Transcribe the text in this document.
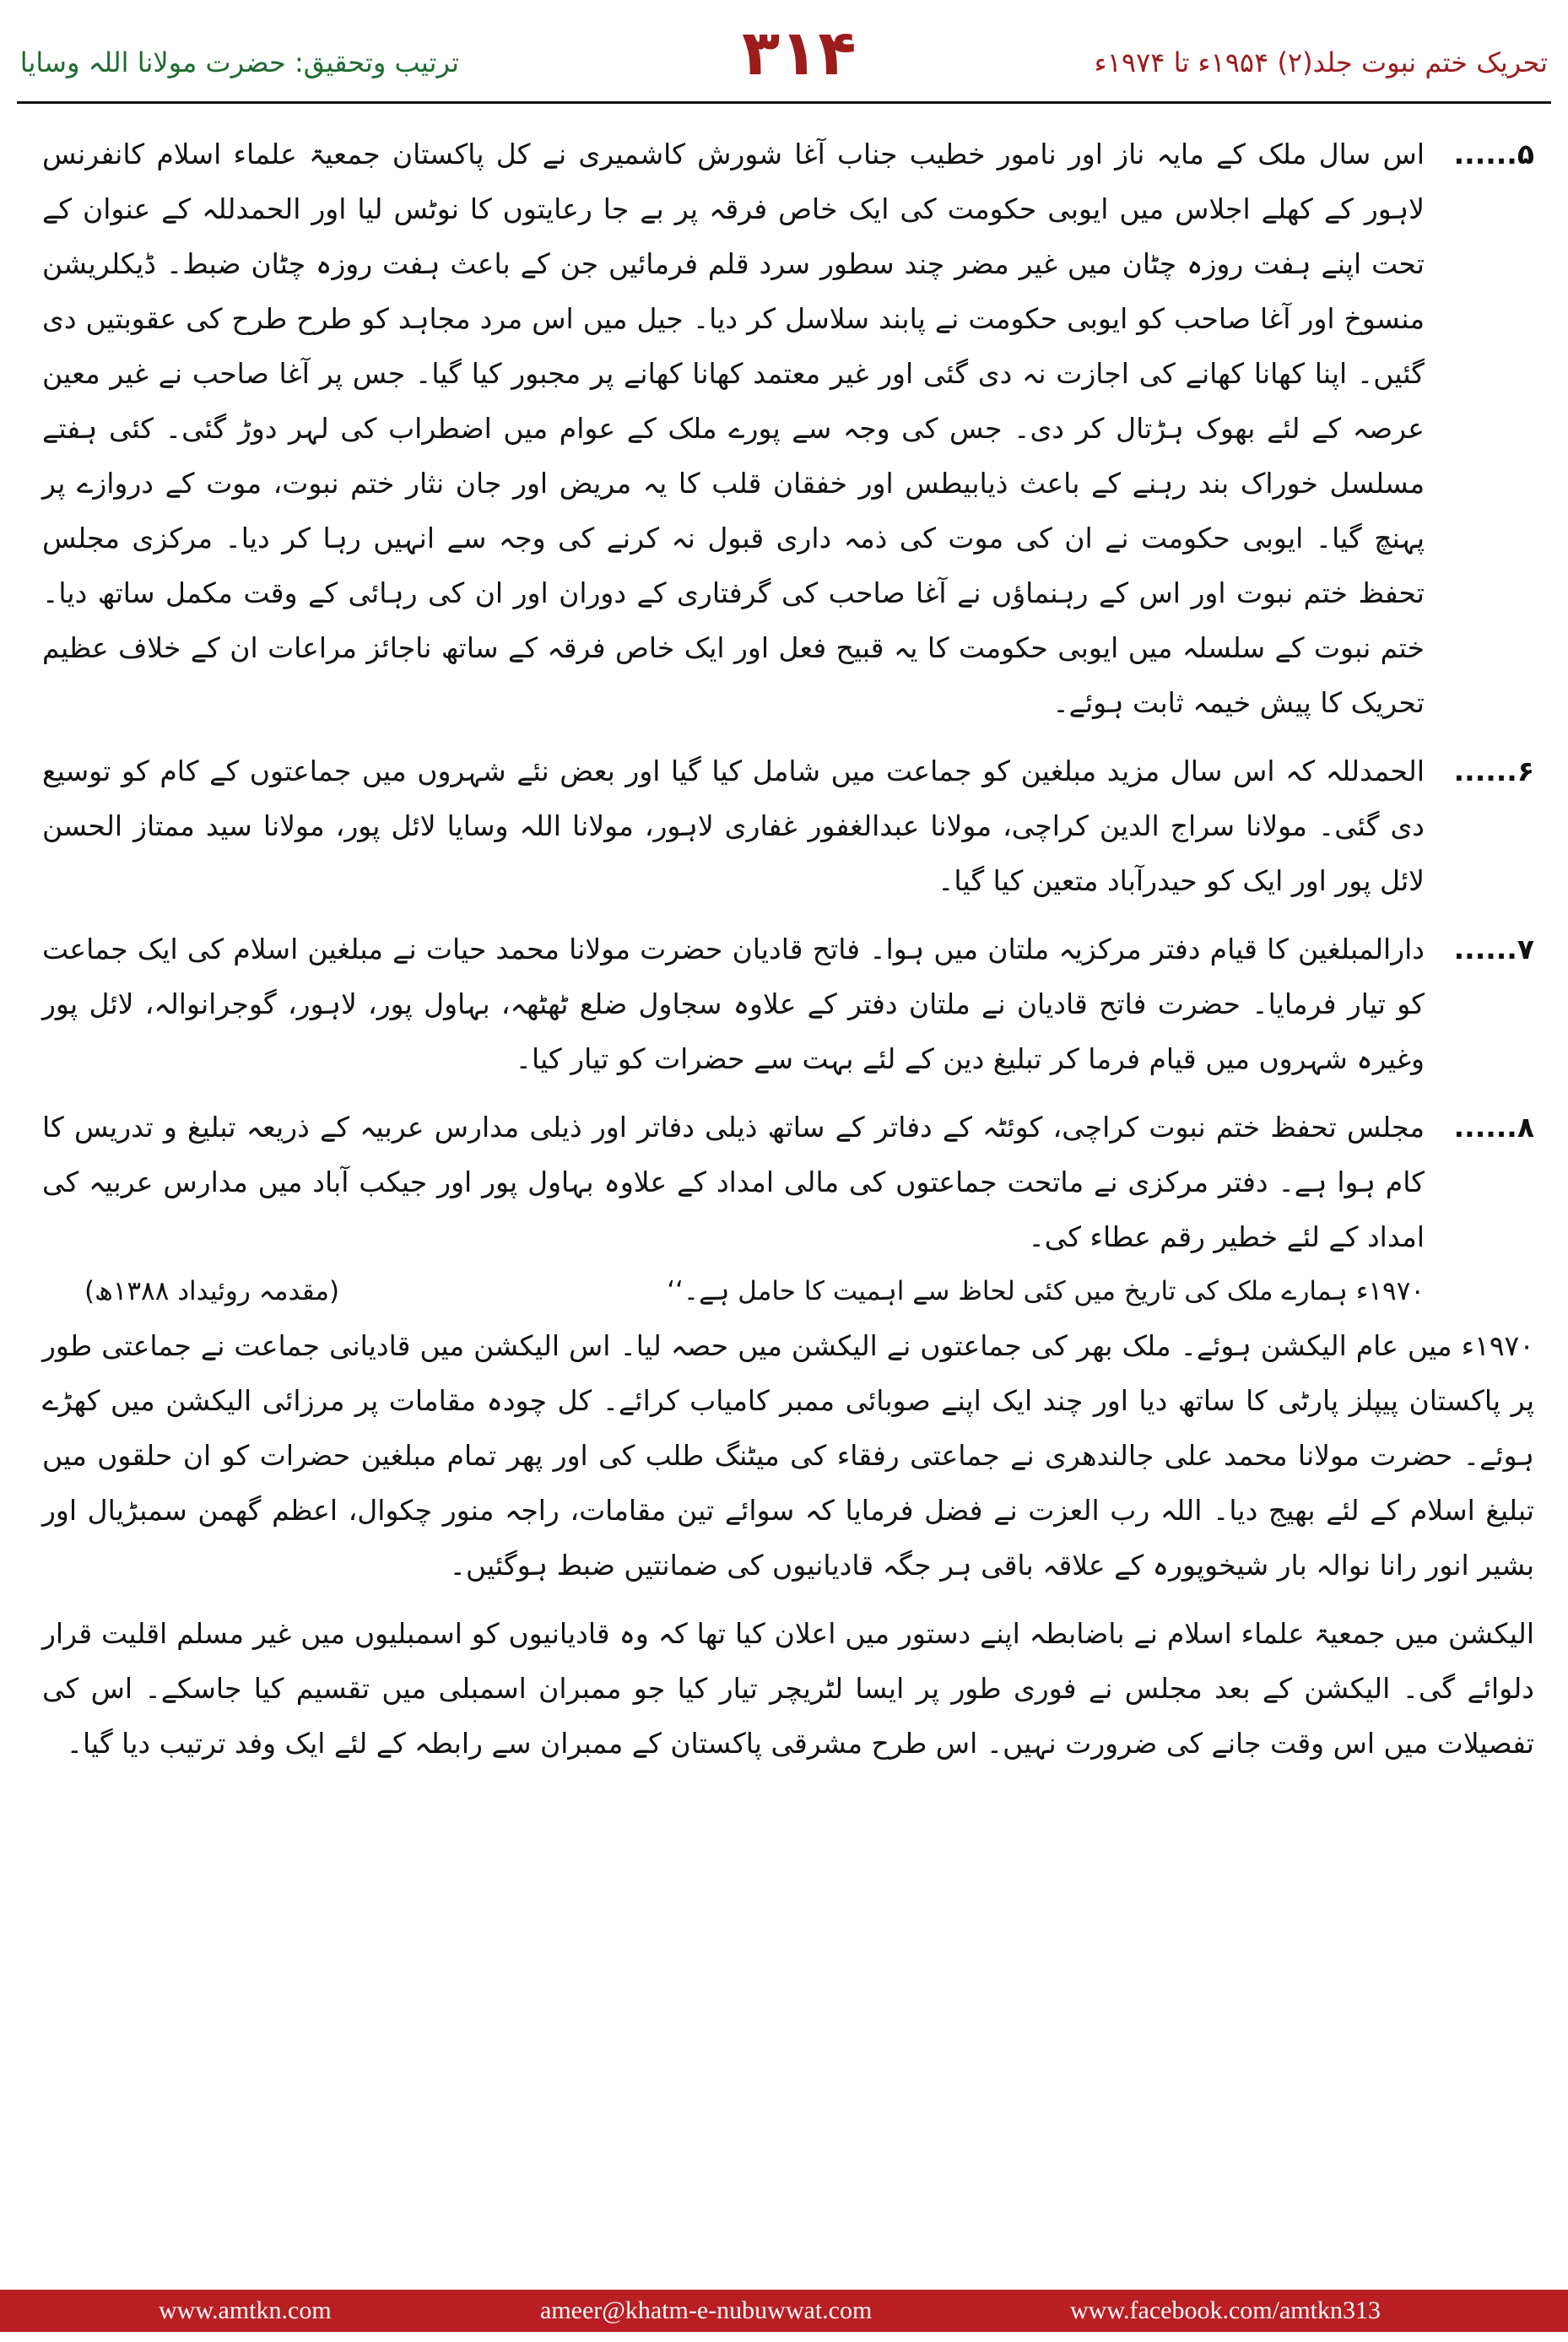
ترتیب وتحقیق: حضرت مولانا اللہ وسایا	۳۱۴	تحریک ختم نبوت جلد(۲) ۱۹۵۴ء تا ۱۹۷۴ء
۵......
اس سال ملک کے مایہ ناز اور نامور خطیب جناب آغا شورش کاشمیری نے کل پاکستان جمعیۃ علماء اسلام کانفرنس لاہور کے کھلے اجلاس میں ایوبی حکومت کی ایک خاص فرقہ پر بے جا رعایتوں کا نوٹس لیا اور الحمدللہ کے عنوان کے تحت اپنے ہفت روزہ چٹان میں غیر مضر چند سطور سرد قلم فرمائیں جن کے باعث ہفت روزہ چٹان ضبط۔ ڈیکلریشن منسوخ اور آغا صاحب کو ایوبی حکومت نے پابند سلاسل کر دیا۔ جیل میں اس مرد مجاہد کو طرح طرح کی عقوبتیں دی گئیں۔ اپنا کھانا کھانے کی اجازت نہ دی گئی اور غیر معتمد کھانا کھانے پر مجبور کیا گیا۔ جس پر آغا صاحب نے غیر معین عرصہ کے لئے بھوک ہڑتال کر دی۔ جس کی وجہ سے پورے ملک کے عوام میں اضطراب کی لہر دوڑ گئی۔ کئی ہفتے مسلسل خوراک بند رہنے کے باعث ذیابیطس اور خفقان قلب کا یہ مریض اور جان نثار ختم نبوت، موت کے دروازے پر پہنچ گیا۔ ایوبی حکومت نے ان کی موت کی ذمہ داری قبول نہ کرنے کی وجہ سے انہیں رہا کر دیا۔ مرکزی مجلس تحفظ ختم نبوت اور اس کے رہنماؤں نے آغا صاحب کی گرفتاری کے دوران اور ان کی رہائی کے وقت مکمل ساتھ دیا۔ ختم نبوت کے سلسلہ میں ایوبی حکومت کا یہ قبیح فعل اور ایک خاص فرقہ کے ساتھ ناجائز مراعات ان کے خلاف عظیم تحریک کا پیش خیمہ ثابت ہوئے۔
۶......
الحمدللہ کہ اس سال مزید مبلغین کو جماعت میں شامل کیا گیا اور بعض نئے شہروں میں جماعتوں کے کام کو توسیع دی گئی۔ مولانا سراج الدین کراچی، مولانا عبدالغفور غفاری لاہور، مولانا اللہ وسایا لائل پور، مولانا سید ممتاز الحسن لائل پور اور ایک کو حیدرآباد متعین کیا گیا۔
۷......
دارالمبلغین کا قیام دفتر مرکزیہ ملتان میں ہوا۔ فاتح قادیان حضرت مولانا محمد حیات نے مبلغین اسلام کی ایک جماعت کو تیار فرمایا۔ حضرت فاتح قادیان نے ملتان دفتر کے علاوہ سجاول ضلع ٹھٹھہ، بہاول پور، لاہور، گوجرانوالہ، لائل پور وغیرہ شہروں میں قیام فرما کر تبلیغ دین کے لئے بہت سے حضرات کو تیار کیا۔
۸......
مجلس تحفظ ختم نبوت کراچی، کوئٹہ کے دفاتر کے ساتھ ذیلی دفاتر اور ذیلی مدارس عربیہ کے ذریعہ تبلیغ و تدریس کا کام ہوا ہے۔ دفتر مرکزی نے ماتحت جماعتوں کی مالی امداد کے علاوہ بہاول پور اور جیکب آباد میں مدارس عربیہ کی امداد کے لئے خطیر رقم عطاء کی۔
۱۹۷۰ء ہمارے ملک کی تاریخ میں کئی لحاظ سے اہمیت کا حامل ہے۔‘‘
(مقدمہ روئیداد ۱۳۸۸ھ)
۱۹۷۰ء میں عام الیکشن ہوئے۔ ملک بھر کی جماعتوں نے الیکشن میں حصہ لیا۔ اس الیکشن میں قادیانی جماعت نے جماعتی طور پر پاکستان پیپلز پارٹی کا ساتھ دیا اور چند ایک اپنے صوبائی ممبر کامیاب کرائے۔ کل چودہ مقامات پر مرزائی الیکشن میں کھڑے ہوئے۔ حضرت مولانا محمد علی جالندھری نے جماعتی رفقاء کی میٹنگ طلب کی اور پھر تمام مبلغین حضرات کو ان حلقوں میں تبلیغ اسلام کے لئے بھیج دیا۔ اللہ رب العزت نے فضل فرمایا کہ سوائے تین مقامات، راجہ منور چکوال، اعظم گھمن سمبڑیال اور بشیر انور رانا نوالہ بار شیخوپورہ کے علاقہ باقی ہر جگہ قادیانیوں کی ضمانتیں ضبط ہوگئیں۔
الیکشن میں جمعیۃ علماء اسلام نے باضابطہ اپنے دستور میں اعلان کیا تھا کہ وہ قادیانیوں کو اسمبلیوں میں غیر مسلم اقلیت قرار دلوائے گی۔ الیکشن کے بعد مجلس نے فوری طور پر ایسا لٹریچر تیار کیا جو ممبران اسمبلی میں تقسیم کیا جاسکے۔ اس کی تفصیلات میں اس وقت جانے کی ضرورت نہیں۔ اس طرح مشرقی پاکستان کے ممبران سے رابطہ کے لئے ایک وفد ترتیب دیا گیا۔
www.amtkn.com	ameer@khatm-e-nubuwwat.com	www.facebook.com/amtkn313
